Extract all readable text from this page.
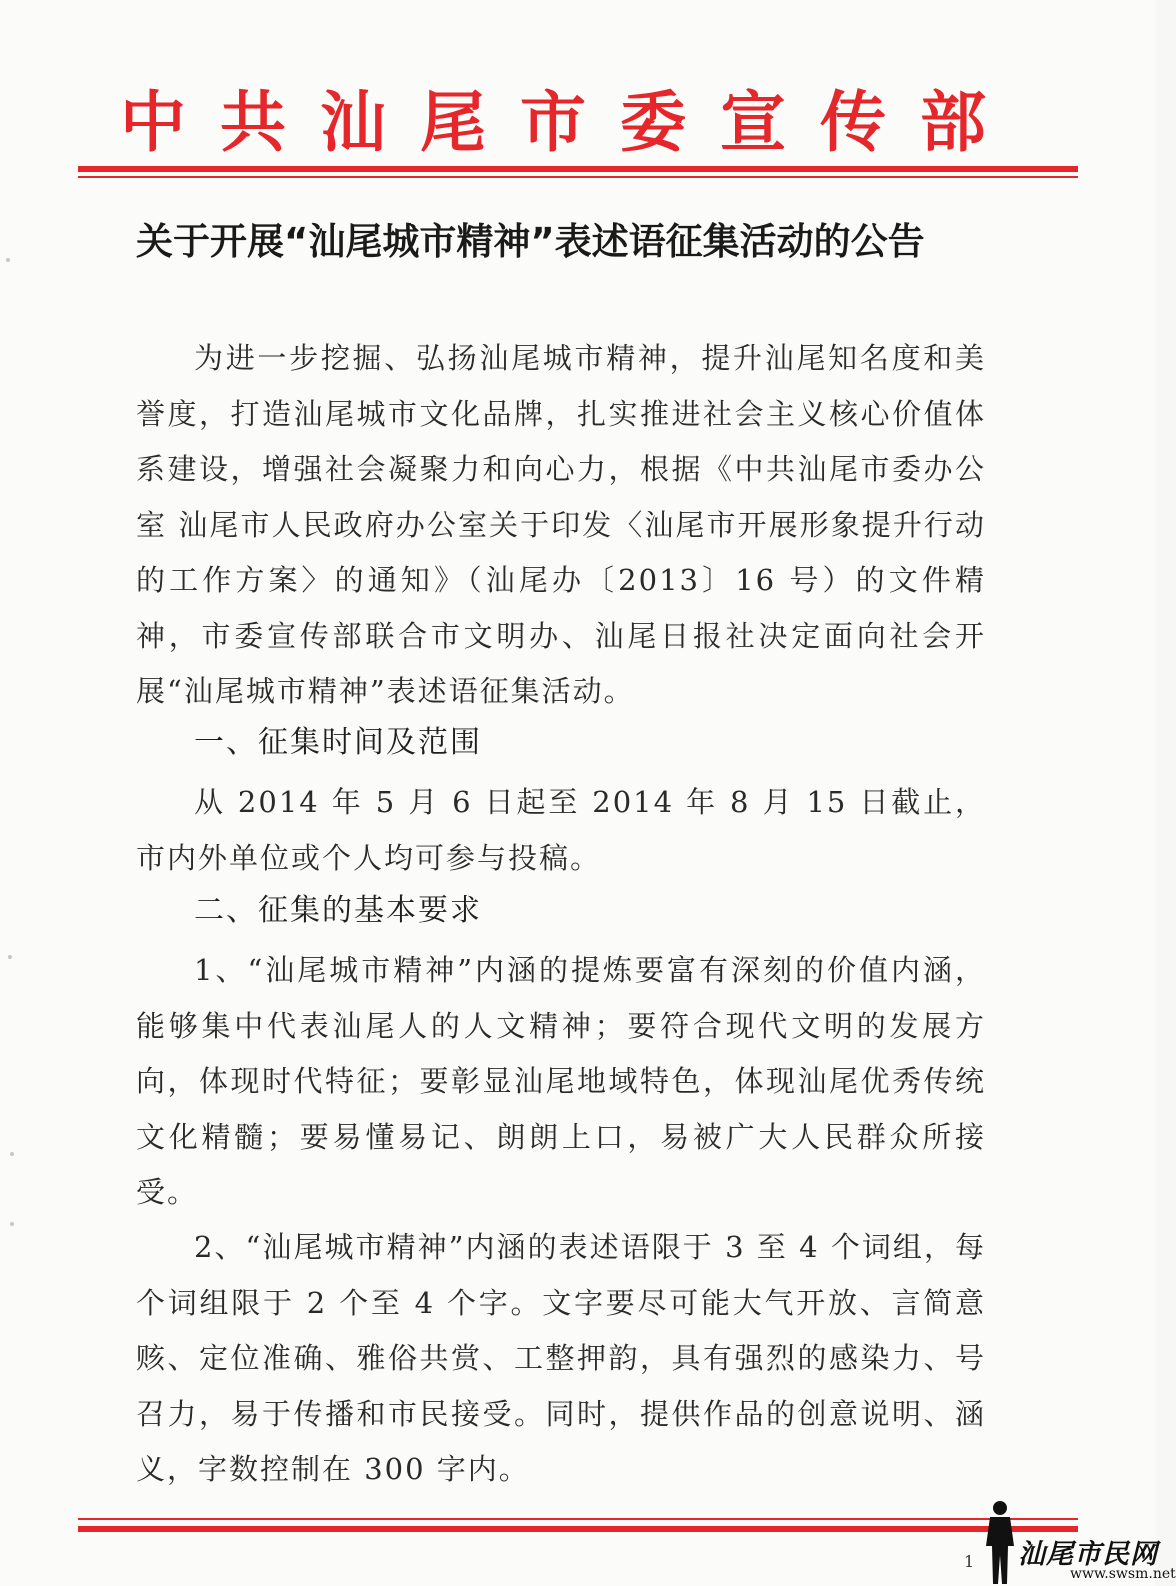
中共汕尾市委宣传部
关于开展“汕尾城市精神”表述语征集活动的公告
为进一步挖掘、弘扬汕尾城市精神，提升汕尾知名度和美誉度，打造汕尾城市文化品牌，扎实推进社会主义核心价值体系建设，增强社会凝聚力和向心力，根据《中共汕尾市委办公室 汕尾市人民政府办公室关于印发〈汕尾市开展形象提升行动的工作方案〉的通知》（汕尾办〔2013〕16 号）的文件精神，市委宣传部联合市文明办、汕尾日报社决定面向社会开展“汕尾城市精神”表述语征集活动。
一、征集时间及范围
从 2014 年 5 月 6 日起至 2014 年 8 月 15 日截止，市内外单位或个人均可参与投稿。
二、征集的基本要求
1、“汕尾城市精神”内涵的提炼要富有深刻的价值内涵，能够集中代表汕尾人的人文精神；要符合现代文明的发展方向，体现时代特征；要彰显汕尾地域特色，体现汕尾优秀传统文化精髓；要易懂易记、朗朗上口，易被广大人民群众所接受。
2、“汕尾城市精神”内涵的表述语限于 3 至 4 个词组，每个词组限于 2 个至 4 个字。文字要尽可能大气开放、言简意赅、定位准确、雅俗共赏、工整押韵，具有强烈的感染力、号召力，易于传播和市民接受。同时，提供作品的创意说明、涵义，字数控制在 300 字内。
1 汕尾市民网
www.swsm.net
